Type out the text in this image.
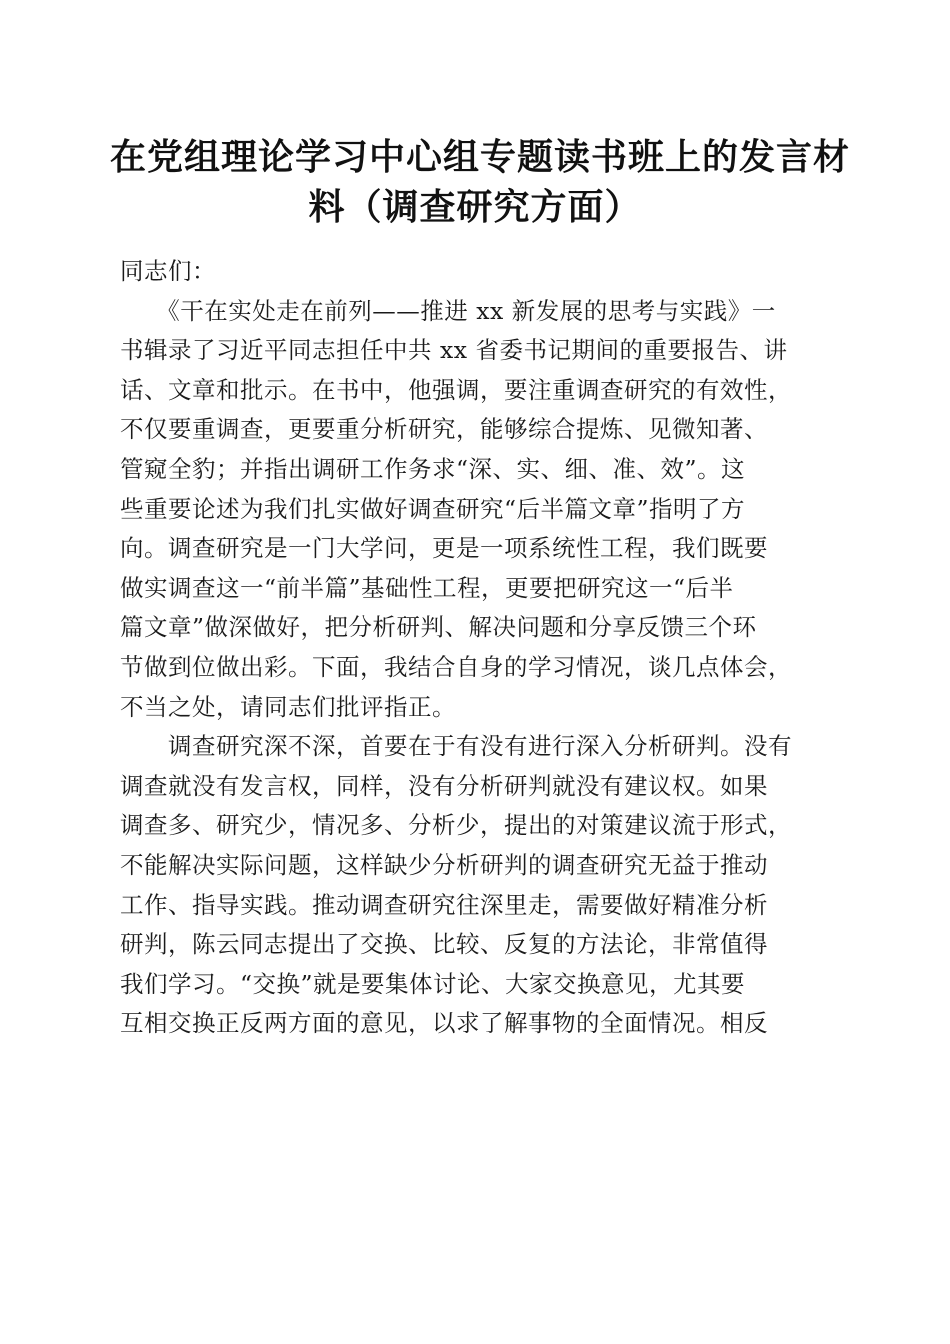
在党组理论学习中心组专题读书班上的发言材
料（调查研究方面）
同志们：
　　《干在实处走在前列——推进 xx 新发展的思考与实践》一
书辑录了习近平同志担任中共 xx 省委书记期间的重要报告、讲
话、文章和批示。在书中，他强调，要注重调查研究的有效性，
不仅要重调查，更要重分析研究，能够综合提炼、见微知著、
管窥全豹；并指出调研工作务求“深、实、细、准、效”。这
些重要论述为我们扎实做好调查研究“后半篇文章”指明了方
向。调查研究是一门大学问，更是一项系统性工程，我们既要
做实调查这一“前半篇”基础性工程，更要把研究这一“后半
篇文章”做深做好，把分析研判、解决问题和分享反馈三个环
节做到位做出彩。下面，我结合自身的学习情况，谈几点体会，
不当之处，请同志们批评指正。
　　调查研究深不深，首要在于有没有进行深入分析研判。没有
调查就没有发言权，同样，没有分析研判就没有建议权。如果
调查多、研究少，情况多、分析少，提出的对策建议流于形式，
不能解决实际问题，这样缺少分析研判的调查研究无益于推动
工作、指导实践。推动调查研究往深里走，需要做好精准分析
研判，陈云同志提出了交换、比较、反复的方法论，非常值得
我们学习。“交换”就是要集体讨论、大家交换意见，尤其要
互相交换正反两方面的意见，以求了解事物的全面情况。相反
